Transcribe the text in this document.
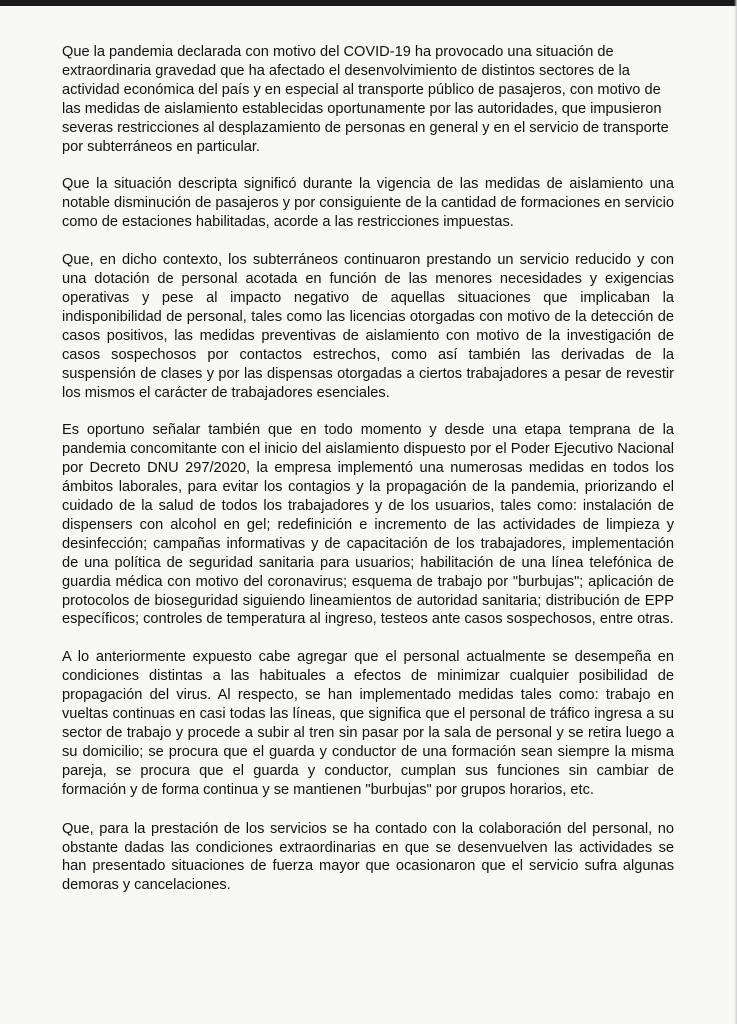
Que la pandemia declarada con motivo del COVID-19 ha provocado una situación de extraordinaria gravedad que ha afectado el desenvolvimiento de distintos sectores de la actividad económica del país y en especial al transporte público de pasajeros, con motivo de las medidas de aislamiento establecidas oportunamente por las autoridades, que impusieron severas restricciones al desplazamiento de personas en general y en el servicio de transporte por subterráneos en particular.

Que la situación descripta significó durante la vigencia de las medidas de aislamiento una notable disminución de pasajeros y por consiguiente de la cantidad de formaciones en servicio como de estaciones habilitadas, acorde a las restricciones impuestas.

Que, en dicho contexto, los subterráneos continuaron prestando un servicio reducido y con una dotación de personal acotada en función de las menores necesidades y exigencias operativas y pese al impacto negativo de aquellas situaciones que implicaban la indisponibilidad de personal, tales como las licencias otorgadas con motivo de la detección de casos positivos, las medidas preventivas de aislamiento con motivo de la investigación de casos sospechosos por contactos estrechos, como así también las derivadas de la suspensión de clases y por las dispensas otorgadas a ciertos trabajadores a pesar de revestir los mismos el carácter de trabajadores esenciales.

Es oportuno señalar también que en todo momento y desde una etapa temprana de la pandemia concomitante con el inicio del aislamiento dispuesto por el Poder Ejecutivo Nacional por Decreto DNU 297/2020, la empresa implementó una numerosas medidas en todos los ámbitos laborales, para evitar los contagios y la propagación de la pandemia, priorizando el cuidado de la salud de todos los trabajadores y de los usuarios, tales como: instalación de dispensers con alcohol en gel; redefinición e incremento de las actividades de limpieza y desinfección; campañas informativas y de capacitación de los trabajadores, implementación de una política de seguridad sanitaria para usuarios; habilitación de una línea telefónica de guardia médica con motivo del coronavirus; esquema de trabajo por "burbujas"; aplicación de protocolos de bioseguridad siguiendo lineamientos de autoridad sanitaria; distribución de EPP específicos; controles de temperatura al ingreso, testeos ante casos sospechosos, entre otras.

A lo anteriormente expuesto cabe agregar que el personal actualmente se desempeña en condiciones distintas a las habituales a efectos de minimizar cualquier posibilidad de propagación del virus. Al respecto, se han implementado medidas tales como: trabajo en vueltas continuas en casi todas las líneas, que significa que el personal de tráfico ingresa a su sector de trabajo y procede a subir al tren sin pasar por la sala de personal y se retira luego a su domicilio; se procura que el guarda y conductor de una formación sean siempre la misma pareja, se procura que el guarda y conductor, cumplan sus funciones sin cambiar de formación y de forma continua y se mantienen "burbujas" por grupos horarios, etc.

Que, para la prestación de los servicios se ha contado con la colaboración del personal, no obstante dadas las condiciones extraordinarias en que se desenvuelven las actividades se han presentado situaciones de fuerza mayor que ocasionaron que el servicio sufra algunas demoras y cancelaciones.
